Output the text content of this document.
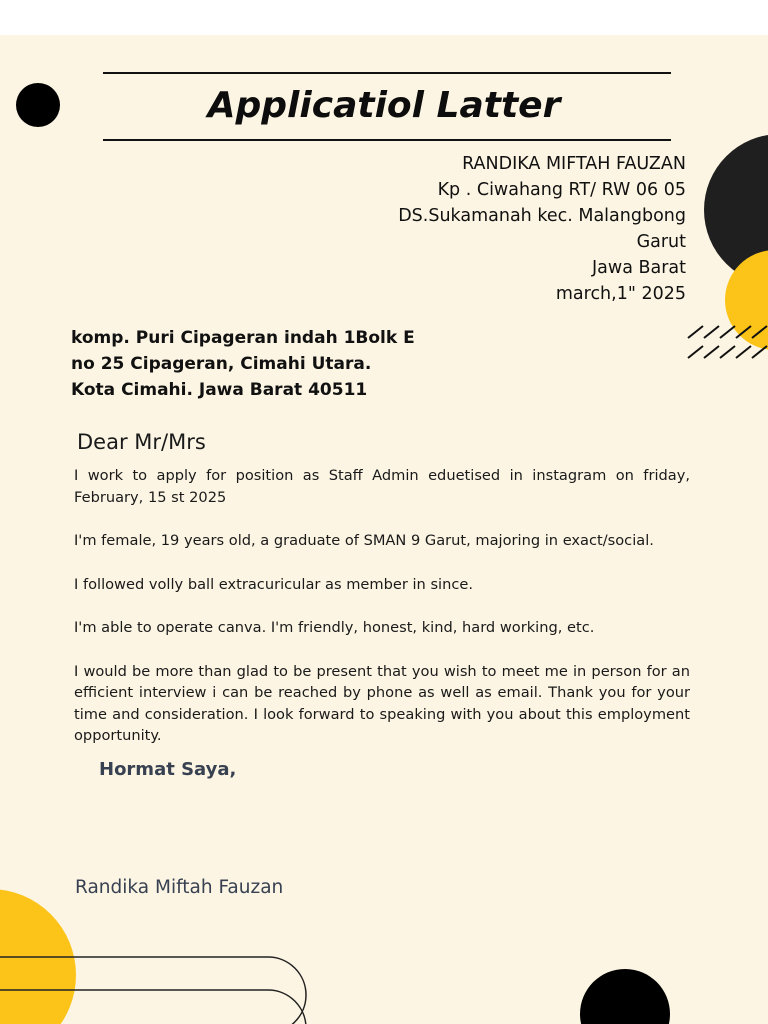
Applicatiol Latter
RANDIKA MIFTAH FAUZAN
Kp . Ciwahang RT/ RW 06 05
DS.Sukamanah kec. Malangbong
Garut
Jawa Barat
march,1" 2025
komp. Puri Cipageran indah 1Bolk E
no 25 Cipageran, Cimahi Utara.
Kota Cimahi. Jawa Barat 40511
Dear Mr/Mrs

I work to apply for position as Staff Admin eduetised in instagram on friday, February, 15 st 2025

I'm female, 19 years old, a graduate of SMAN 9 Garut, majoring in exact/social.

I followed volly ball extracuricular as member in since.

I'm able to operate canva. I'm friendly, honest, kind, hard working, etc.

I would be more than glad to be present that you wish to meet me in person for an efficient interview i can be reached by phone as well as email. Thank you for your time and consideration. I look forward to speaking with you about this employment opportunity.

Hormat Saya,
Randika Miftah Fauzan
